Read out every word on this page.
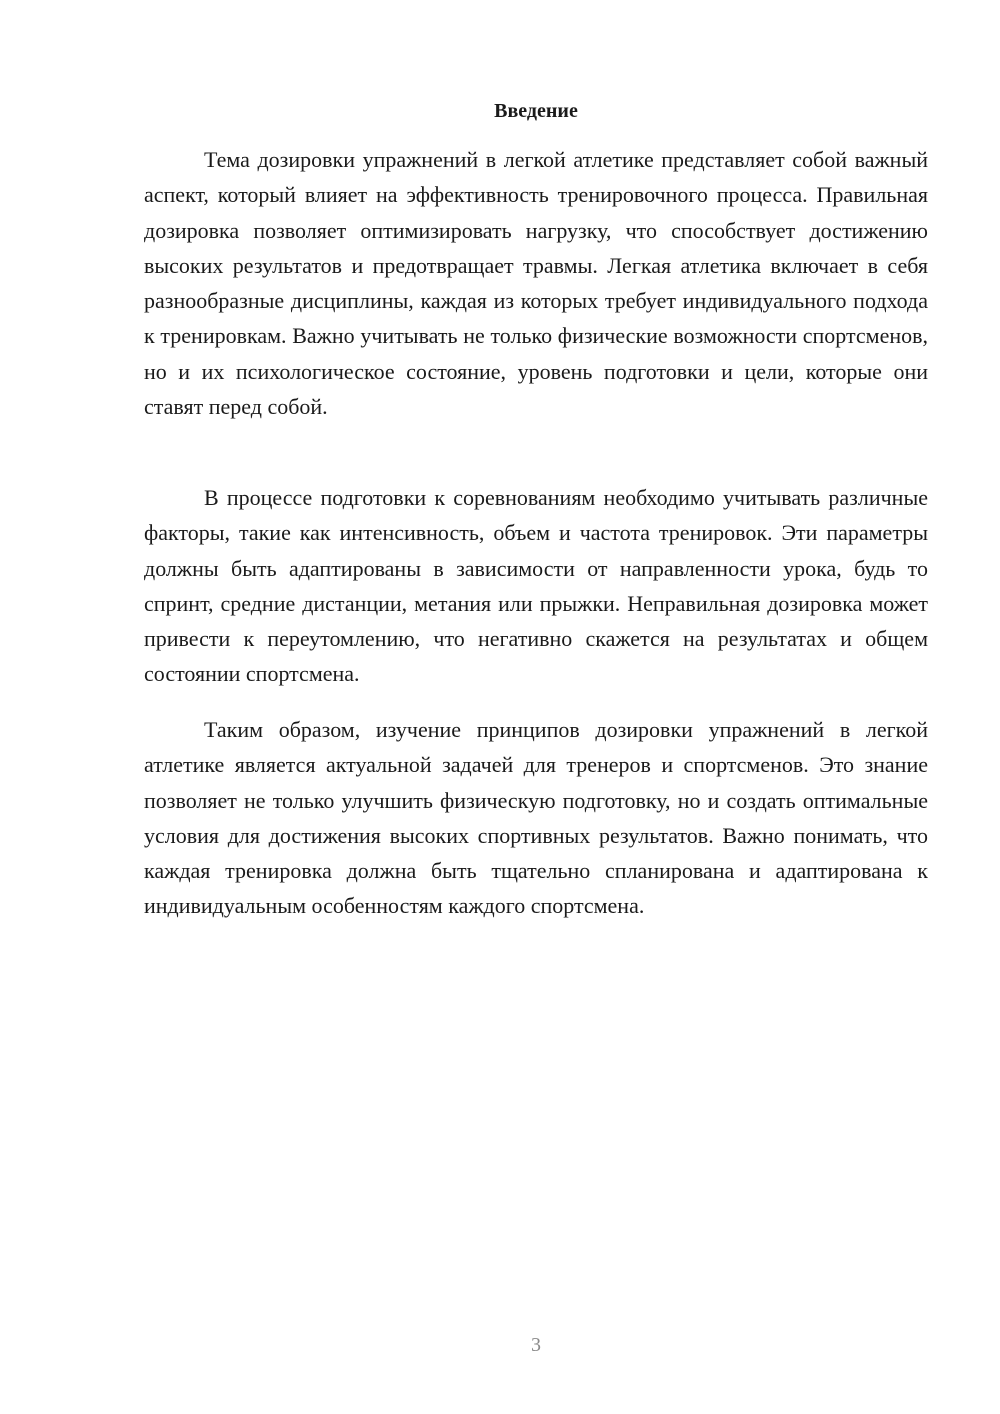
Введение

Тема дозировки упражнений в легкой атлетике представляет собой важный аспект, который влияет на эффективность тренировочного процесса. Правильная дозировка позволяет оптимизировать нагрузку, что способствует достижению высоких результатов и предотвращает травмы. Легкая атлетика включает в себя разнообразные дисциплины, каждая из которых требует индивидуального подхода к тренировкам. Важно учитывать не только физические возможности спортсменов, но и их психологическое состояние, уровень подготовки и цели, которые они ставят перед собой.

В процессе подготовки к соревнованиям необходимо учитывать различные факторы, такие как интенсивность, объем и частота тренировок. Эти параметры должны быть адаптированы в зависимости от направленности урока, будь то спринт, средние дистанции, метания или прыжки. Неправильная дозировка может привести к переутомлению, что негативно скажется на результатах и общем состоянии спортсмена.

Таким образом, изучение принципов дозировки упражнений в легкой атлетике является актуальной задачей для тренеров и спортсменов. Это знание позволяет не только улучшить физическую подготовку, но и создать оптимальные условия для достижения высоких спортивных результатов. Важно понимать, что каждая тренировка должна быть тщательно спланирована и адаптирована к индивидуальным особенностям каждого спортсмена.

3
